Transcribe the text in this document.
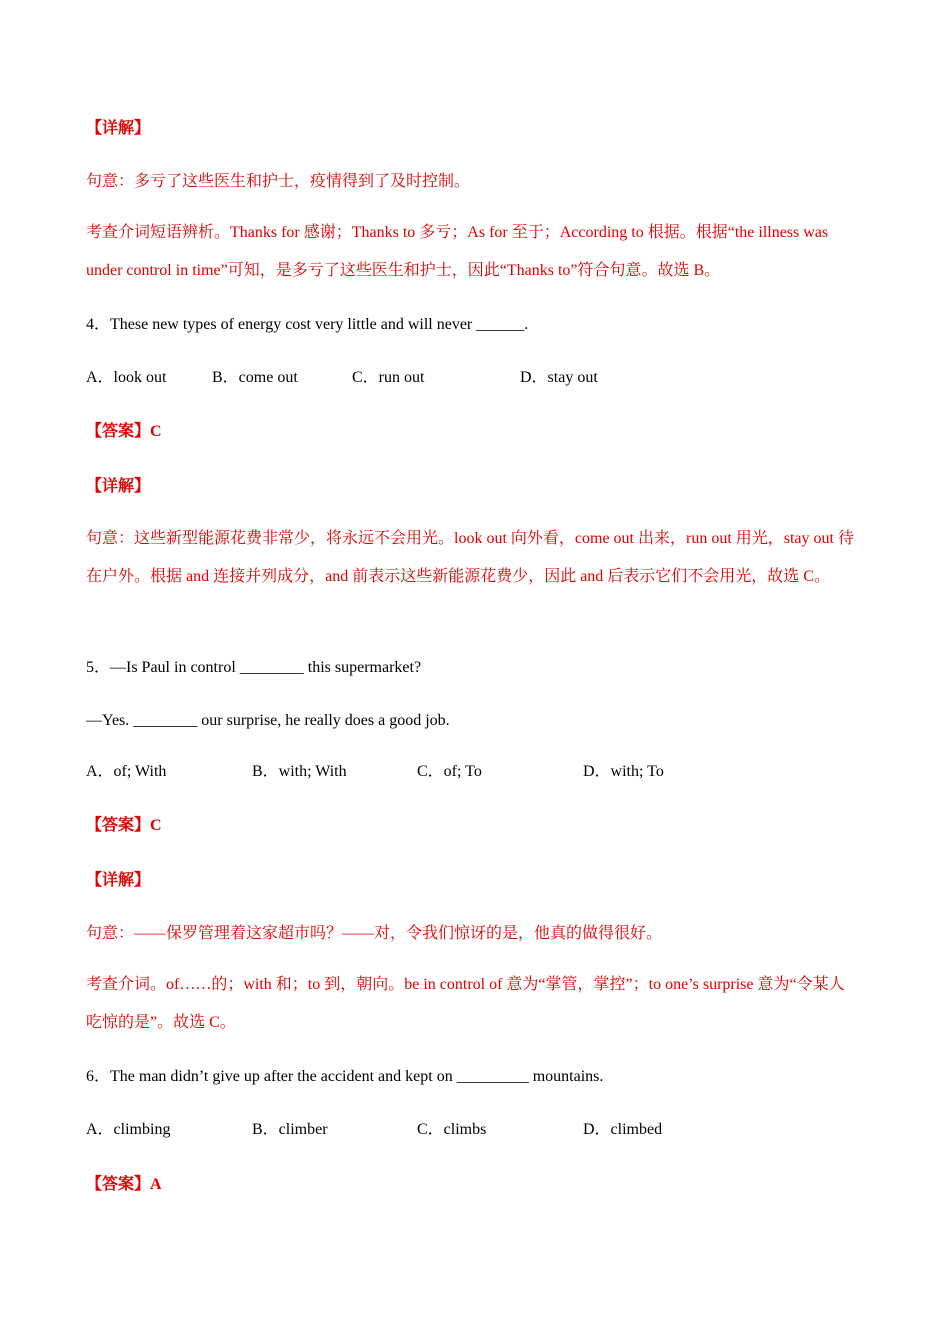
【详解】
句意：多亏了这些医生和护士，疫情得到了及时控制。
考查介词短语辨析。Thanks for 感谢；Thanks to 多亏；As for 至于；According to 根据。根据“the illness was under control in time”可知，是多亏了这些医生和护士，因此“Thanks to”符合句意。故选 B。
4．These new types of energy cost very little and will never ______.
A．look out	B．come out	C．run out	D．stay out
【答案】C
【详解】
句意：这些新型能源花费非常少，将永远不会用光。look out 向外看，come out 出来，run out 用光，stay out 待在户外。根据 and 连接并列成分，and 前表示这些新能源花费少，因此 and 后表示它们不会用光，故选 C。
5．—Is Paul in control ________ this supermarket?
—Yes. ________ our surprise, he really does a good job.
A．of; With	B．with; With	C．of; To	D．with; To
【答案】C
【详解】
句意：——保罗管理着这家超市吗？——对，令我们惊讶的是，他真的做得很好。
考查介词。of……的；with 和；to 到，朝向。be in control of 意为“掌管，掌控”；to one’s surprise 意为“令某人吃惊的是”。故选 C。
6．The man didn’t give up after the accident and kept on _________ mountains.
A．climbing	B．climber	C．climbs	D．climbed
【答案】A
